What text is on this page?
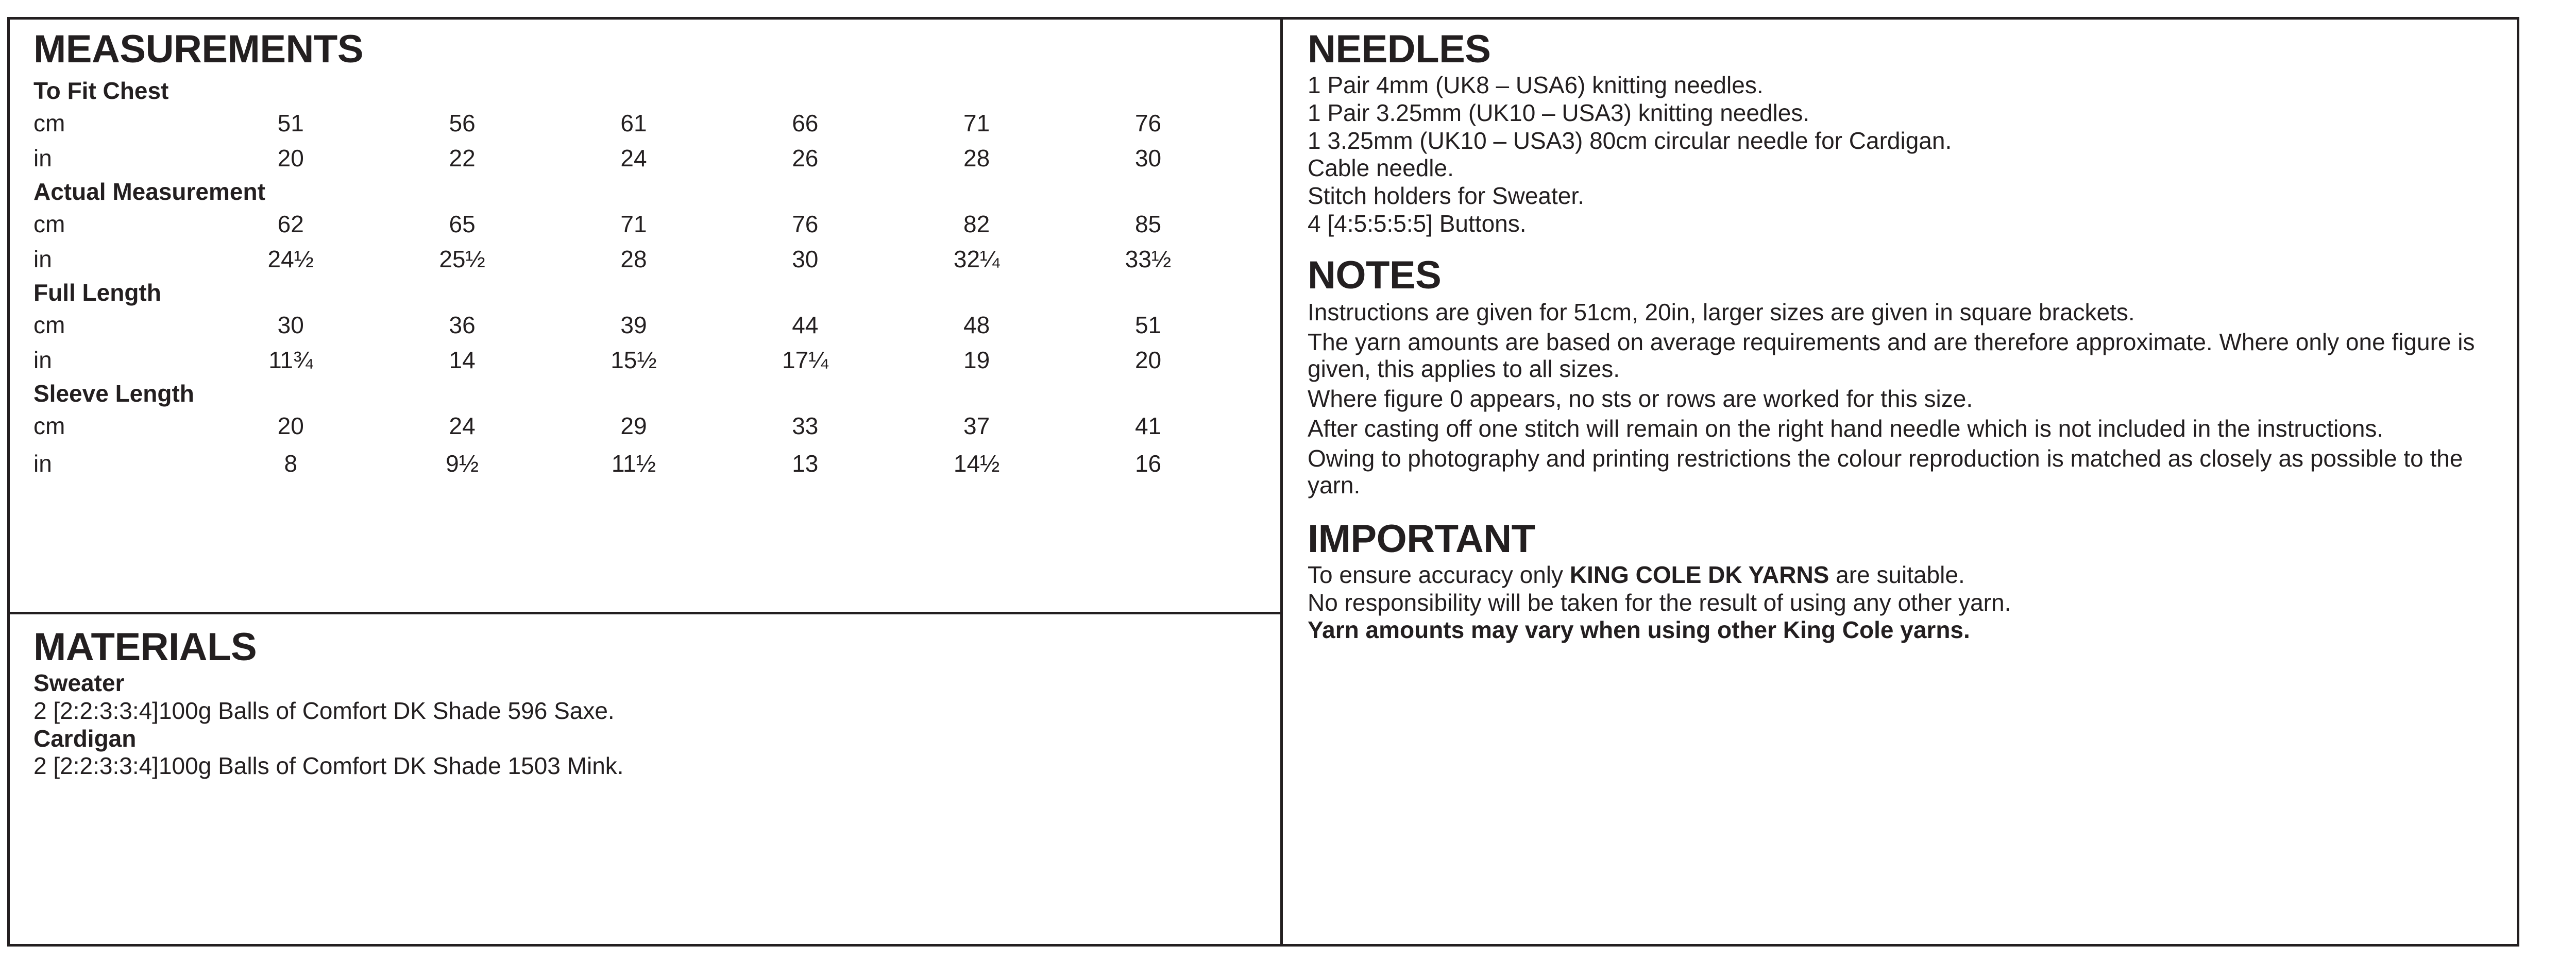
MEASUREMENTS
To Fit Chest						
cm	51	56	61	66	71	76
in	20	22	24	26	28	30
Actual Measurement						
cm	62	65	71	76	82	85
in	24½	25½	28	30	32¼	33½
Full Length						
cm	30	36	39	44	48	51
in	11¾	14	15½	17¼	19	20
Sleeve Length						
cm	20	24	29	33	37	41
in	8	9½	11½	13	14½	16
MATERIALS

Sweater

2 [2:2:3:3:4]100g Balls of Comfort DK Shade 596 Saxe.

Cardigan

2 [2:2:3:3:4]100g Balls of Comfort DK Shade 1503 Mink.

NEEDLES

1 Pair 4mm (UK8 – USA6) knitting needles.

1 Pair 3.25mm (UK10 – USA3) knitting needles.

1 3.25mm (UK10 – USA3) 80cm circular needle for Cardigan.

Cable needle.

Stitch holders for Sweater.

4 [4:5:5:5:5] Buttons.

NOTES

Instructions are given for 51cm, 20in, larger sizes are given in square brackets.

The yarn amounts are based on average requirements and are therefore approximate. Where only one figure is given, this applies to all sizes.

Where figure 0 appears, no sts or rows are worked for this size.

After casting off one stitch will remain on the right hand needle which is not included in the instructions.

Owing to photography and printing restrictions the colour reproduction is matched as closely as possible to the yarn.

IMPORTANT

To ensure accuracy only KING COLE DK YARNS are suitable.

No responsibility will be taken for the result of using any other yarn.

Yarn amounts may vary when using other King Cole yarns.
